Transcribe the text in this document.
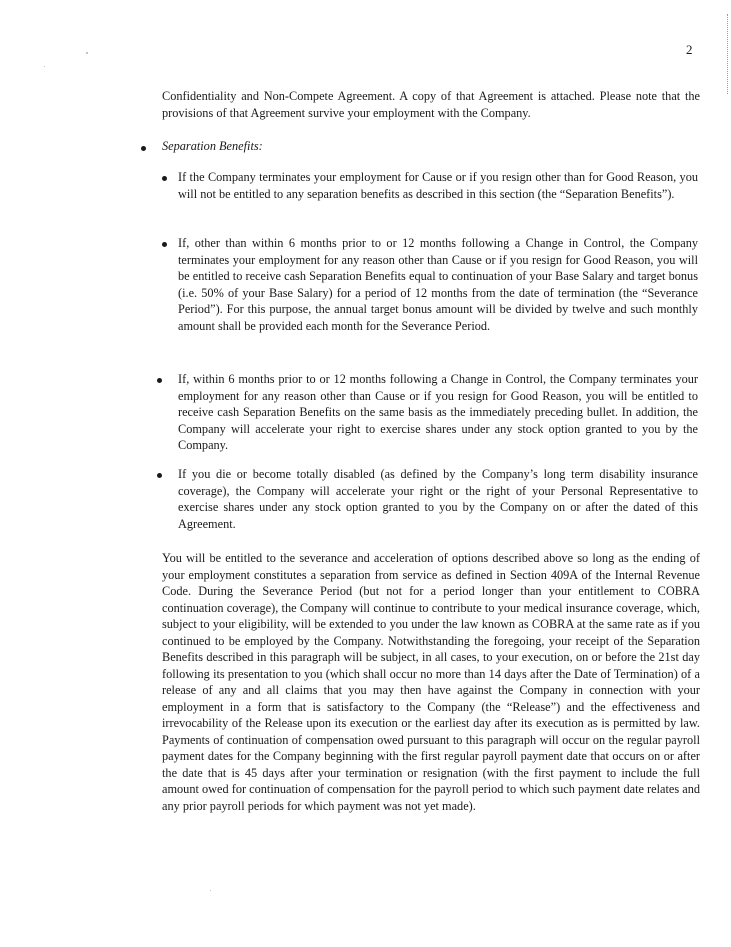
2
Confidentiality and Non-Compete Agreement. A copy of that Agreement is attached. Please note that the provisions of that Agreement survive your employment with the Company.
Separation Benefits:
If the Company terminates your employment for Cause or if you resign other than for Good Reason, you will not be entitled to any separation benefits as described in this section (the “Separation Benefits”).
If, other than within 6 months prior to or 12 months following a Change in Control, the Company terminates your employment for any reason other than Cause or if you resign for Good Reason, you will be entitled to receive cash Separation Benefits equal to continuation of your Base Salary and target bonus (i.e. 50% of your Base Salary) for a period of 12 months from the date of termination (the “Severance Period”). For this purpose, the annual target bonus amount will be divided by twelve and such monthly amount shall be provided each month for the Severance Period.
If, within 6 months prior to or 12 months following a Change in Control, the Company terminates your employment for any reason other than Cause or if you resign for Good Reason, you will be entitled to receive cash Separation Benefits on the same basis as the immediately preceding bullet. In addition, the Company will accelerate your right to exercise shares under any stock option granted to you by the Company.
If you die or become totally disabled (as defined by the Company’s long term disability insurance coverage), the Company will accelerate your right or the right of your Personal Representative to exercise shares under any stock option granted to you by the Company on or after the dated of this Agreement.
You will be entitled to the severance and acceleration of options described above so long as the ending of your employment constitutes a separation from service as defined in Section 409A of the Internal Revenue Code. During the Severance Period (but not for a period longer than your entitlement to COBRA continuation coverage), the Company will continue to contribute to your medical insurance coverage, which, subject to your eligibility, will be extended to you under the law known as COBRA at the same rate as if you continued to be employed by the Company. Notwithstanding the foregoing, your receipt of the Separation Benefits described in this paragraph will be subject, in all cases, to your execution, on or before the 21st day following its presentation to you (which shall occur no more than 14 days after the Date of Termination) of a release of any and all claims that you may then have against the Company in connection with your employment in a form that is satisfactory to the Company (the “Release”) and the effectiveness and irrevocability of the Release upon its execution or the earliest day after its execution as is permitted by law. Payments of continuation of compensation owed pursuant to this paragraph will occur on the regular payroll payment dates for the Company beginning with the first regular payroll payment date that occurs on or after the date that is 45 days after your termination or resignation (with the first payment to include the full amount owed for continuation of compensation for the payroll period to which such payment date relates and any prior payroll periods for which payment was not yet made).
